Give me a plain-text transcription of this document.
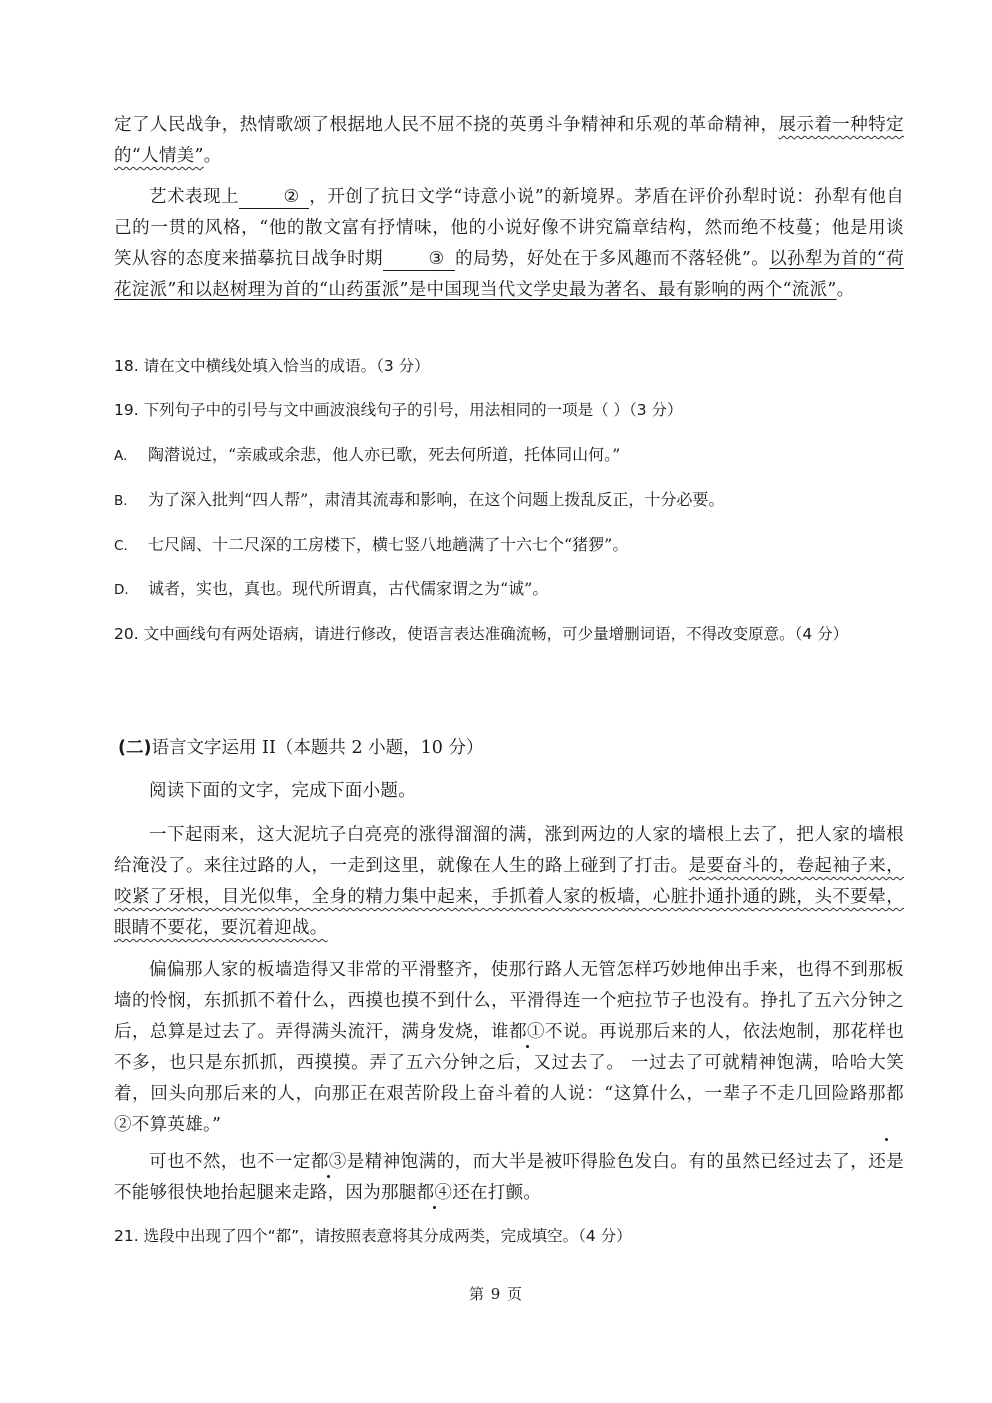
定了人民战争，热情歌颂了根据地人民不屈不挠的英勇斗争精神和乐观的革命精神，展示着一种特定的“人情美”。
艺术表现上	② ，开创了抗日文学“诗意小说”的新境界。茅盾在评价孙犁时说：孙犁有他自己的一贯的风格，“他的散文富有抒情味，他的小说好像不讲究篇章结构，然而绝不枝蔓；他是用谈笑从容的态度来描摹抗日战争时期	③ 的局势，好处在于多风趣而不落轻佻”。以孙犁为首的“荷花淀派”和以赵树理为首的“山药蛋派”是中国现当代文学史最为著名、最有影响的两个“流派”。
18. 请在文中横线处填入恰当的成语。（3 分）
19. 下列句子中的引号与文中画波浪线句子的引号，用法相同的一项是（ ）（3 分）
A. 陶潜说过，“亲戚或余悲，他人亦已歌，死去何所道，托体同山何。”
B. 为了深入批判“四人帮”，肃清其流毒和影响，在这个问题上拨乱反正，十分必要。
C. 七尺阔、十二尺深的工房楼下，横七竖八地趟满了十六七个“猪猡”。
D. 诚者，实也，真也。现代所谓真，古代儒家谓之为“诚”。
20. 文中画线句有两处语病，请进行修改，使语言表达准确流畅，可少量增删词语，不得改变原意。（4 分）
(二)语言文字运用 II（本题共 2 小题，10 分）
阅读下面的文字，完成下面小题。
一下起雨来，这大泥坑子白亮亮的涨得溜溜的满，涨到两边的人家的墙根上去了，把人家的墙根给淹没了。来往过路的人，一走到这里，就像在人生的路上碰到了打击。是要奋斗的，卷起袖子来，咬紧了牙根，目光似隼，全身的精力集中起来，手抓着人家的板墙，心脏扑通扑通的跳，头不要晕，眼睛不要花，要沉着迎战。
偏偏那人家的板墙造得又非常的平滑整齐，使那行路人无管怎样巧妙地伸出手来，也得不到那板墙的怜悯，东抓抓不着什么，西摸也摸不到什么，平滑得连一个疤拉节子也没有。挣扎了五六分钟之后，总算是过去了。弄得满头流汗，满身发烧，谁都①不说。再说那后来的人，依法炮制，那花样也不多，也只是东抓抓，西摸摸。弄了五六分钟之后，又过去了。 一过去了可就精神饱满，哈哈大笑着，回头向那后来的人，向那正在艰苦阶段上奋斗着的人说：“这算什么，一辈子不走几回险路那都②不算英雄。”
可也不然，也不一定都③是精神饱满的，而大半是被吓得脸色发白。有的虽然已经过去了，还是不能够很快地抬起腿来走路，因为那腿都④还在打颤。
21. 选段中出现了四个“都”，请按照表意将其分成两类，完成填空。（4 分）
第 9 页
